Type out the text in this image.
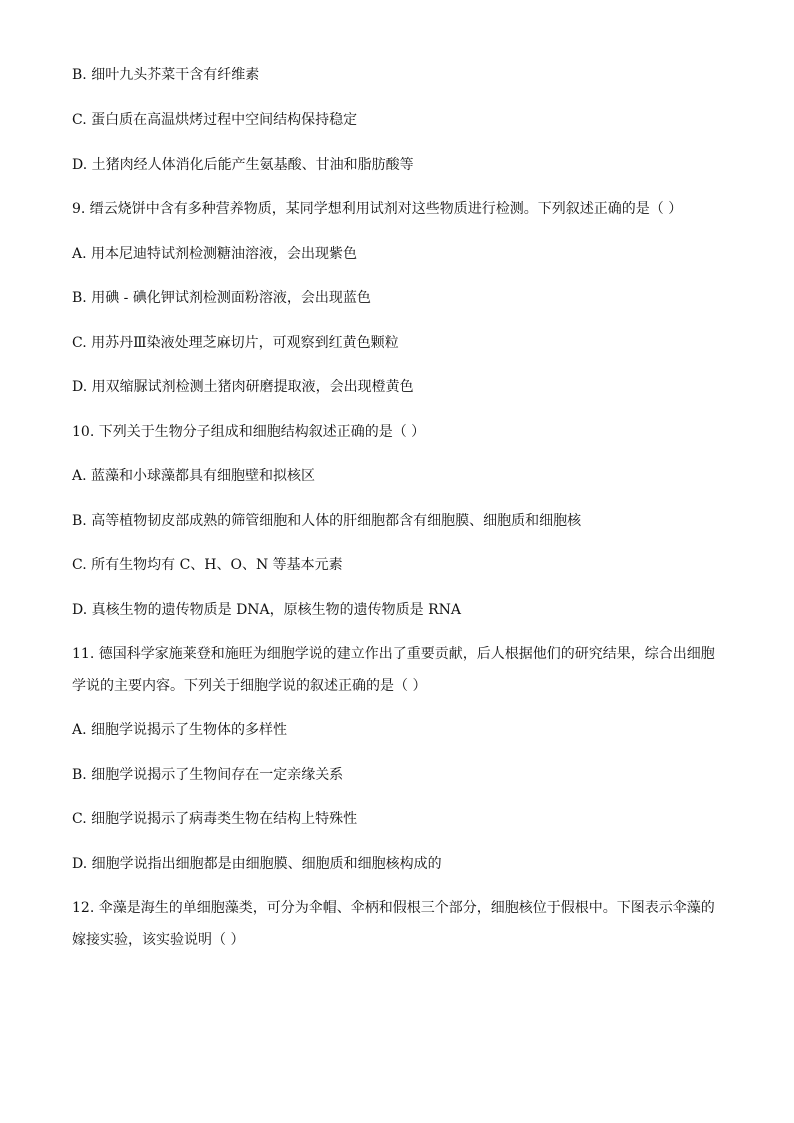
B. 细叶九头芥菜干含有纤维素
C. 蛋白质在高温烘烤过程中空间结构保持稳定
D. 土猪肉经人体消化后能产生氨基酸、甘油和脂肪酸等
9. 缙云烧饼中含有多种营养物质，某同学想利用试剂对这些物质进行检测。下列叙述正确的是（ ）
A. 用本尼迪特试剂检测糖油溶液，会出现紫色
B. 用碘 - 碘化钾试剂检测面粉溶液，会出现蓝色
C. 用苏丹Ⅲ染液处理芝麻切片，可观察到红黄色颗粒
D. 用双缩脲试剂检测土猪肉研磨提取液，会出现橙黄色
10. 下列关于生物分子组成和细胞结构叙述正确的是（ ）
A. 蓝藻和小球藻都具有细胞壁和拟核区
B. 高等植物韧皮部成熟的筛管细胞和人体的肝细胞都含有细胞膜、细胞质和细胞核
C. 所有生物均有 C、H、O、N 等基本元素
D. 真核生物的遗传物质是 DNA，原核生物的遗传物质是 RNA
11. 德国科学家施莱登和施旺为细胞学说的建立作出了重要贡献，后人根据他们的研究结果，综合出细胞
学说的主要内容。下列关于细胞学说的叙述正确的是（ ）
A. 细胞学说揭示了生物体的多样性
B. 细胞学说揭示了生物间存在一定亲缘关系
C. 细胞学说揭示了病毒类生物在结构上特殊性
D. 细胞学说指出细胞都是由细胞膜、细胞质和细胞核构成的
12. 伞藻是海生的单细胞藻类，可分为伞帽、伞柄和假根三个部分，细胞核位于假根中。下图表示伞藻的
嫁接实验，该实验说明（ ）
